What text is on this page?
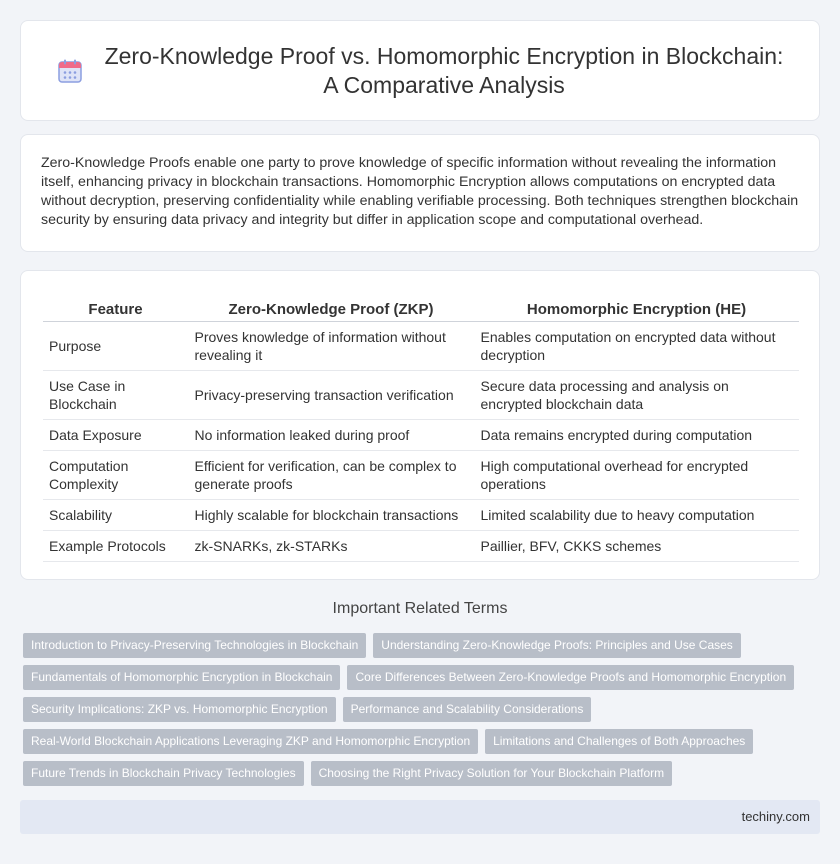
Zero-Knowledge Proof vs. Homomorphic Encryption in Blockchain:
A Comparative Analysis

Zero-Knowledge Proofs enable one party to prove knowledge of specific information without revealing the information itself, enhancing privacy in blockchain transactions. Homomorphic Encryption allows computations on encrypted data without decryption, preserving confidentiality while enabling verifiable processing. Both techniques strengthen blockchain security by ensuring data privacy and integrity but differ in application scope and computational overhead.

Feature	Zero-Knowledge Proof (ZKP)	Homomorphic Encryption (HE)
Purpose	Proves knowledge of information without revealing it	Enables computation on encrypted data without decryption
Use Case in Blockchain	Privacy-preserving transaction verification	Secure data processing and analysis on encrypted blockchain data
Data Exposure	No information leaked during proof	Data remains encrypted during computation
Computation Complexity	Efficient for verification, can be complex to generate proofs	High computational overhead for encrypted operations
Scalability	Highly scalable for blockchain transactions	Limited scalability due to heavy computation
Example Protocols	zk-SNARKs, zk-STARKs	Paillier, BFV, CKKS schemes
Important Related Terms
Introduction to Privacy-Preserving Technologies in Blockchain	Understanding Zero-Knowledge Proofs: Principles and Use Cases
Fundamentals of Homomorphic Encryption in Blockchain	Core Differences Between Zero-Knowledge Proofs and Homomorphic Encryption
Security Implications: ZKP vs. Homomorphic Encryption	Performance and Scalability Considerations
Real-World Blockchain Applications Leveraging ZKP and Homomorphic Encryption	Limitations and Challenges of Both Approaches
Future Trends in Blockchain Privacy Technologies	Choosing the Right Privacy Solution for Your Blockchain Platform
techiny.com
